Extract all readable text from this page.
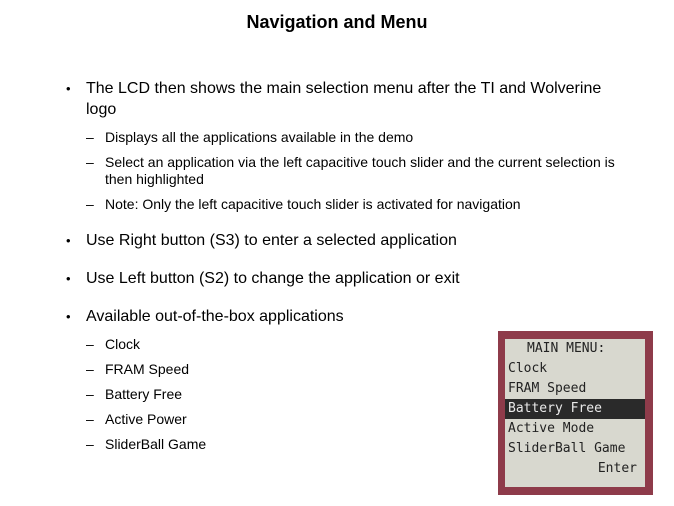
Navigation and Menu
• The LCD then shows the main selection menu after the TI and Wolverine logo
– Displays all the applications available in the demo
– Select an application via the left capacitive touch slider and the current selection is then highlighted
– Note: Only the left capacitive touch slider is activated for navigation
• Use Right button (S3) to enter a selected application
• Use Left button (S2) to change the application or exit
• Available out-of-the-box applications
– Clock
– FRAM Speed
– Battery Free
– Active Power
– SliderBall Game
MAIN MENU:
Clock
FRAM Speed
Battery Free
Active Mode
SliderBall Game
Enter
